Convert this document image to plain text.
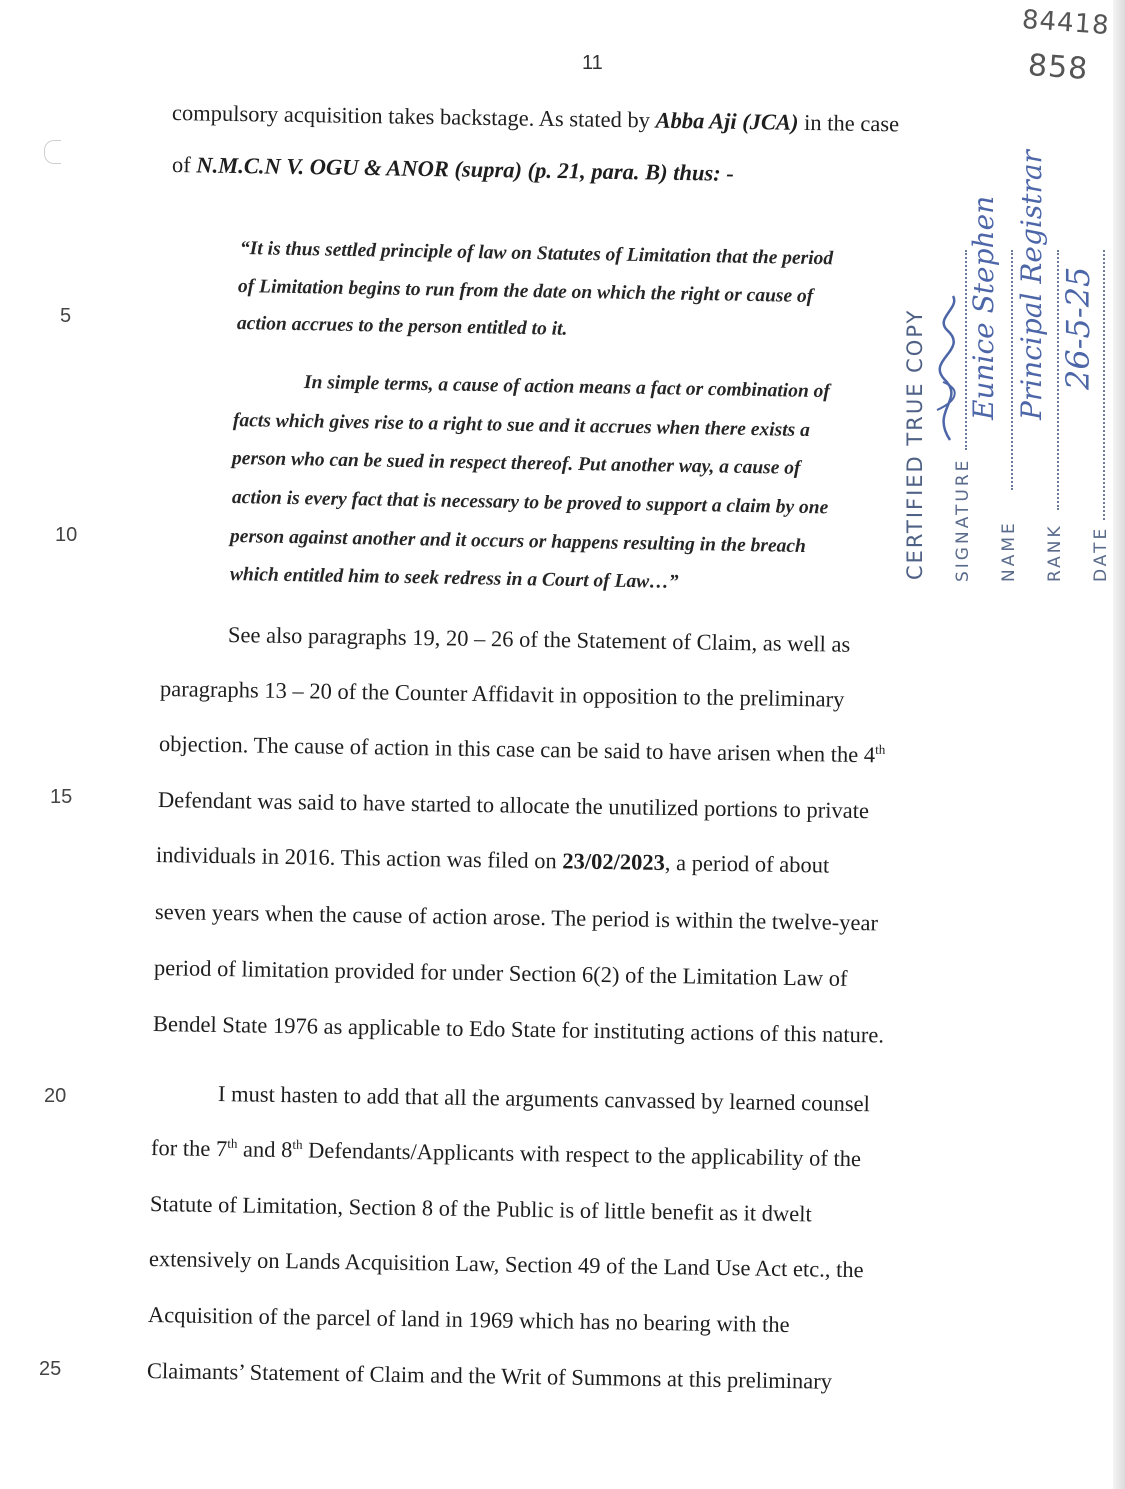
11
84418
858
5
10
15
20
25
compulsory acquisition takes backstage. As stated by Abba Aji (JCA) in the case
of N.M.C.N V. OGU & ANOR (supra) (p. 21, para. B) thus: -
“It is thus settled principle of law on Statutes of Limitation that the period
of Limitation begins to run from the date on which the right or cause of
action accrues to the person entitled to it.
In simple terms, a cause of action means a fact or combination of
facts which gives rise to a right to sue and it accrues when there exists a
person who can be sued in respect thereof. Put another way, a cause of
action is every fact that is necessary to be proved to support a claim by one
person against another and it occurs or happens resulting in the breach
which entitled him to seek redress in a Court of Law…”
See also paragraphs 19, 20 – 26 of the Statement of Claim, as well as
paragraphs 13 – 20 of the Counter Affidavit in opposition to the preliminary
objection. The cause of action in this case can be said to have arisen when the 4th
Defendant was said to have started to allocate the unutilized portions to private
individuals in 2016. This action was filed on 23/02/2023, a period of about
seven years when the cause of action arose. The period is within the twelve-year
period of limitation provided for under Section 6(2) of the Limitation Law of
Bendel State 1976 as applicable to Edo State for instituting actions of this nature.
I must hasten to add that all the arguments canvassed by learned counsel
for the 7th and 8th Defendants/Applicants with respect to the applicability of the
Statute of Limitation, Section 8 of the Public is of little benefit as it dwelt
extensively on Lands Acquisition Law, Section 49 of the Land Use Act etc., the
Acquisition of the parcel of land in 1969 which has no bearing with the
Claimants’ Statement of Claim and the Writ of Summons at this preliminary
CERTIFIED TRUE COPY SIGNATURE NAME RANK DATE
Eunice Stephen Principal Registrar 26-5-25
